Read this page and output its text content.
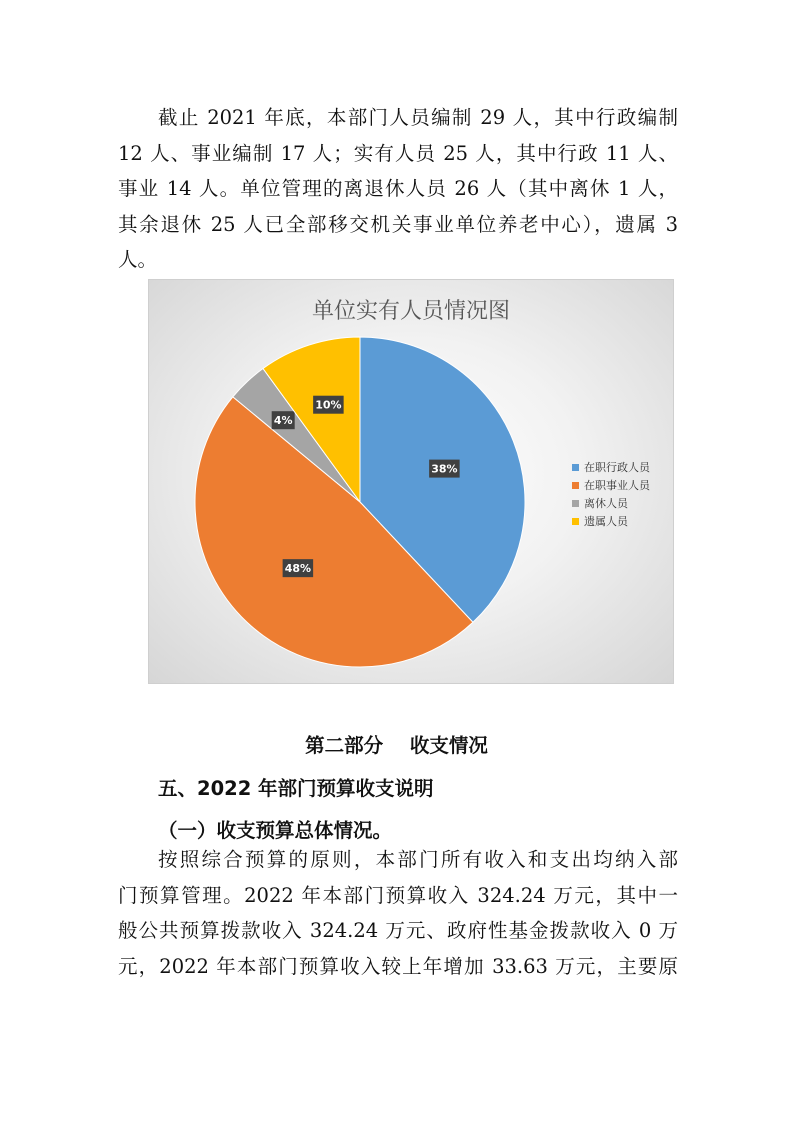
截止 2021 年底，本部门人员编制 29 人，其中行政编制

12 人、事业编制 17 人；实有人员 25 人，其中行政 11 人、

事业 14 人。单位管理的离退休人员 26 人（其中离休 1 人，

其余退休 25 人已全部移交机关事业单位养老中心），遗属 3

人。

38%
48%
4%
10%
单位实有人员情况图
在职行政人员
在职事业人员
离休人员
遗属人员
第二部分 收支情况
五、2022 年部门预算收支说明
（一）收支预算总体情况。

按照综合预算的原则，本部门所有收入和支出均纳入部

门预算管理。2022 年本部门预算收入 324.24 万元，其中一

般公共预算拨款收入 324.24 万元、政府性基金拨款收入 0 万

元，2022 年本部门预算收入较上年增加 33.63 万元，主要原
